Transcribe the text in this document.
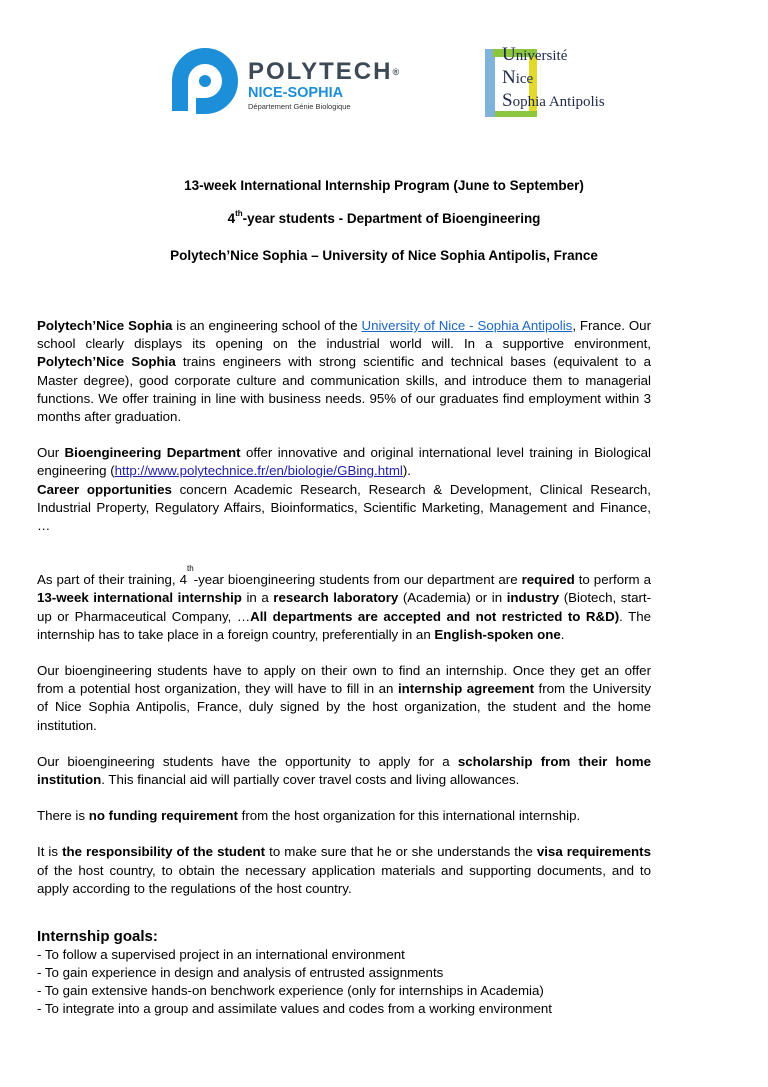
POLYTECH®
NICE-SOPHIA
Département Génie Biologique
Université
Nice
Sophia Antipolis
13-week International Internship Program (June to September)
4th-year students - Department of Bioengineering
Polytech’Nice Sophia – University of Nice Sophia Antipolis, France

Polytech’Nice Sophia is an engineering school of the University of Nice - Sophia Antipolis, France. Our school clearly displays its opening on the industrial world will. In a supportive environment, Polytech’Nice Sophia trains engineers with strong scientific and technical bases (equivalent to a Master degree), good corporate culture and communication skills, and introduce them to managerial functions. We offer training in line with business needs. 95% of our graduates find employment within 3 months after graduation.

Our Bioengineering Department offer innovative and original international level training in Biological engineering (http://www.polytechnice.fr/en/biologie/GBing.html).

Career opportunities concern Academic Research, Research & Development, Clinical Research, Industrial Property, Regulatory Affairs, Bioinformatics, Scientific Marketing, Management and Finance, …

As part of their training, 4th-year bioengineering students from our department are required to perform a 13-week international internship in a research laboratory (Academia) or in industry (Biotech, start-up or Pharmaceutical Company, …All departments are accepted and not restricted to R&D). The internship has to take place in a foreign country, preferentially in an English-spoken one.

Our bioengineering students have to apply on their own to find an internship. Once they get an offer from a potential host organization, they will have to fill in an internship agreement from the University of Nice Sophia Antipolis, France, duly signed by the host organization, the student and the home institution.

Our bioengineering students have the opportunity to apply for a scholarship from their home institution. This financial aid will partially cover travel costs and living allowances.

There is no funding requirement from the host organization for this international internship.

It is the responsibility of the student to make sure that he or she understands the visa requirements of the host country, to obtain the necessary application materials and supporting documents, and to apply according to the regulations of the host country.

Internship goals:

- To follow a supervised project in an international environment

- To gain experience in design and analysis of entrusted assignments

- To gain extensive hands-on benchwork experience (only for internships in Academia)

- To integrate into a group and assimilate values and codes from a working environment
